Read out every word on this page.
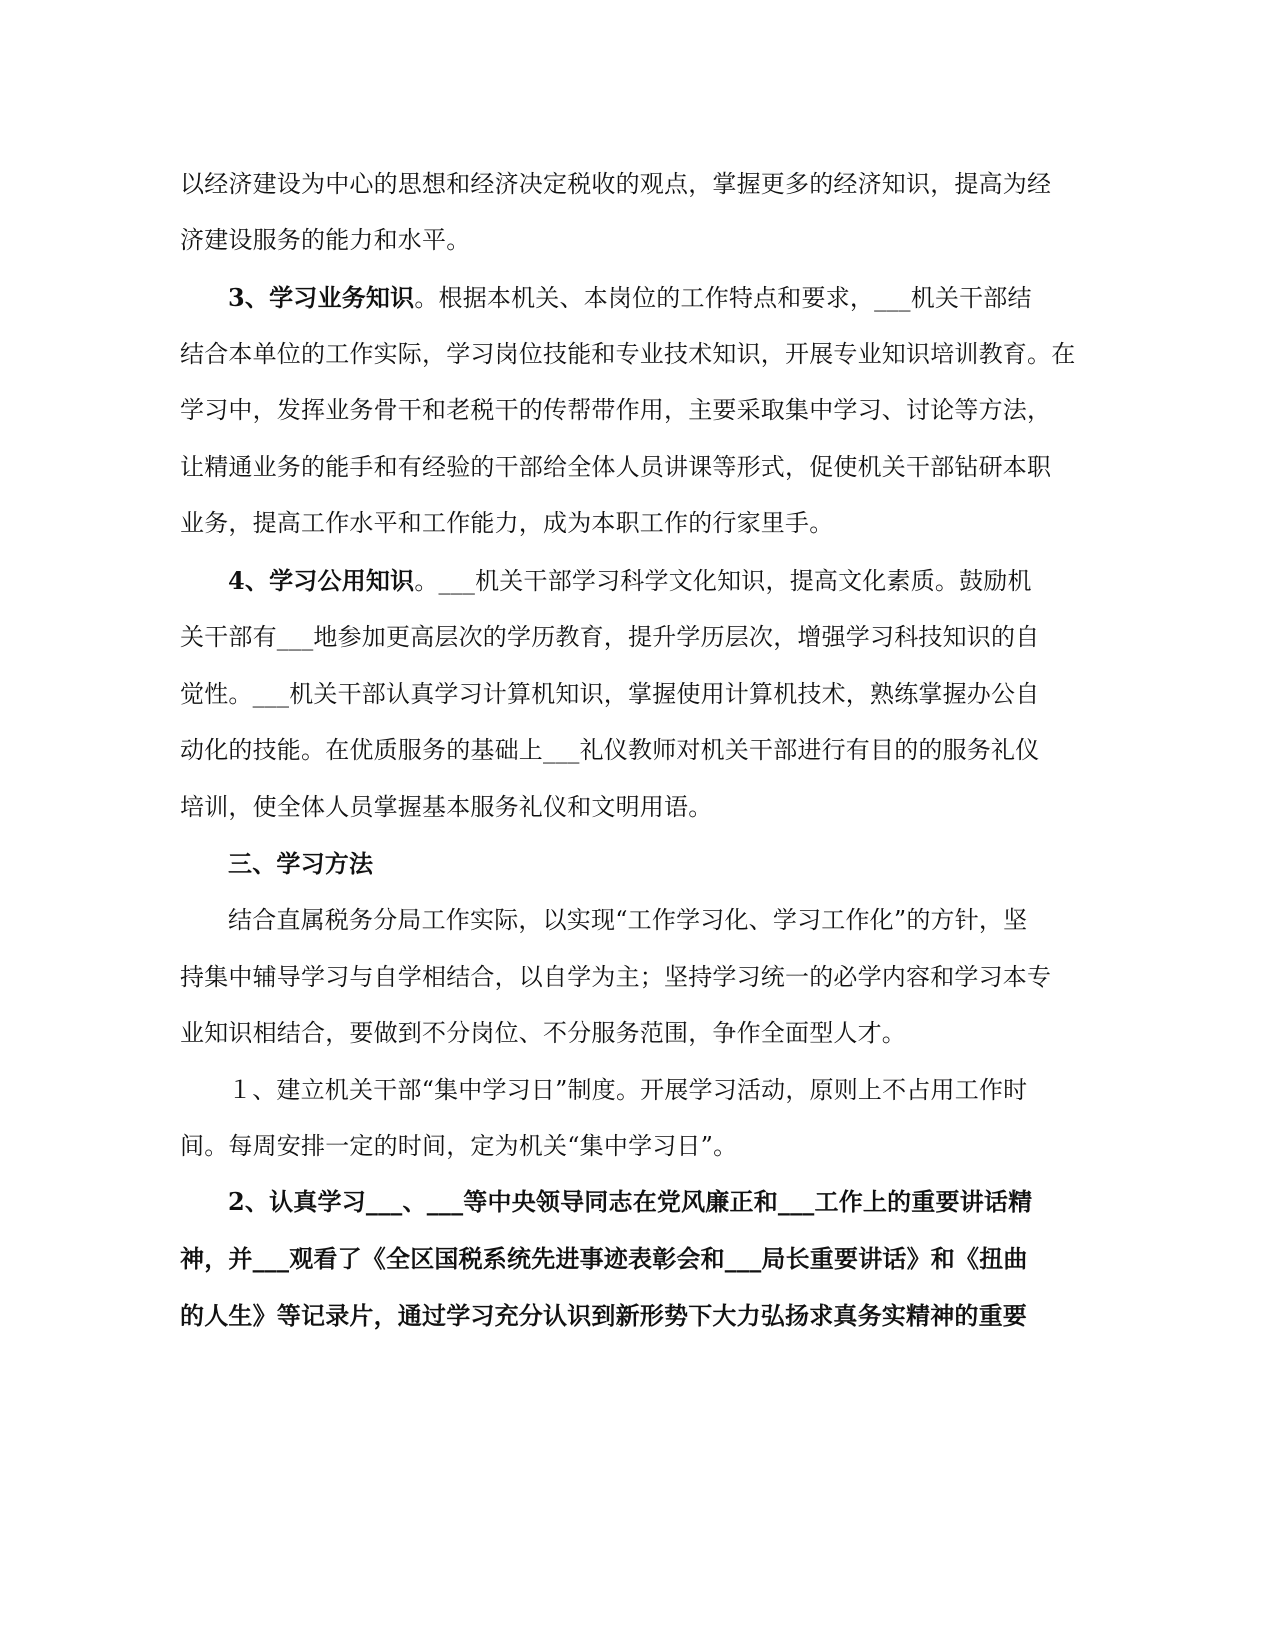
以经济建设为中心的思想和经济决定税收的观点，掌握更多的经济知识，提高为经
济建设服务的能力和水平。
3、学习业务知识。根据本机关、本岗位的工作特点和要求，___机关干部结
结合本单位的工作实际，学习岗位技能和专业技术知识，开展专业知识培训教育。在
学习中，发挥业务骨干和老税干的传帮带作用，主要采取集中学习、讨论等方法，
让精通业务的能手和有经验的干部给全体人员讲课等形式，促使机关干部钻研本职
业务，提高工作水平和工作能力，成为本职工作的行家里手。
4、学习公用知识。___机关干部学习科学文化知识，提高文化素质。鼓励机
关干部有___地参加更高层次的学历教育，提升学历层次，增强学习科技知识的自
觉性。___机关干部认真学习计算机知识，掌握使用计算机技术，熟练掌握办公自
动化的技能。在优质服务的基础上___礼仪教师对机关干部进行有目的的服务礼仪
培训，使全体人员掌握基本服务礼仪和文明用语。
三、学习方法
结合直属税务分局工作实际，以实现“工作学习化、学习工作化”的方针，坚
持集中辅导学习与自学相结合，以自学为主；坚持学习统一的必学内容和学习本专
业知识相结合，要做到不分岗位、不分服务范围，争作全面型人才。
１、建立机关干部“集中学习日”制度。开展学习活动，原则上不占用工作时
间。每周安排一定的时间，定为机关“集中学习日”。
2、认真学习___、___等中央领导同志在党风廉正和___工作上的重要讲话精
神，并___观看了《全区国税系统先进事迹表彰会和___局长重要讲话》和《扭曲
的人生》等记录片，通过学习充分认识到新形势下大力弘扬求真务实精神的重要
